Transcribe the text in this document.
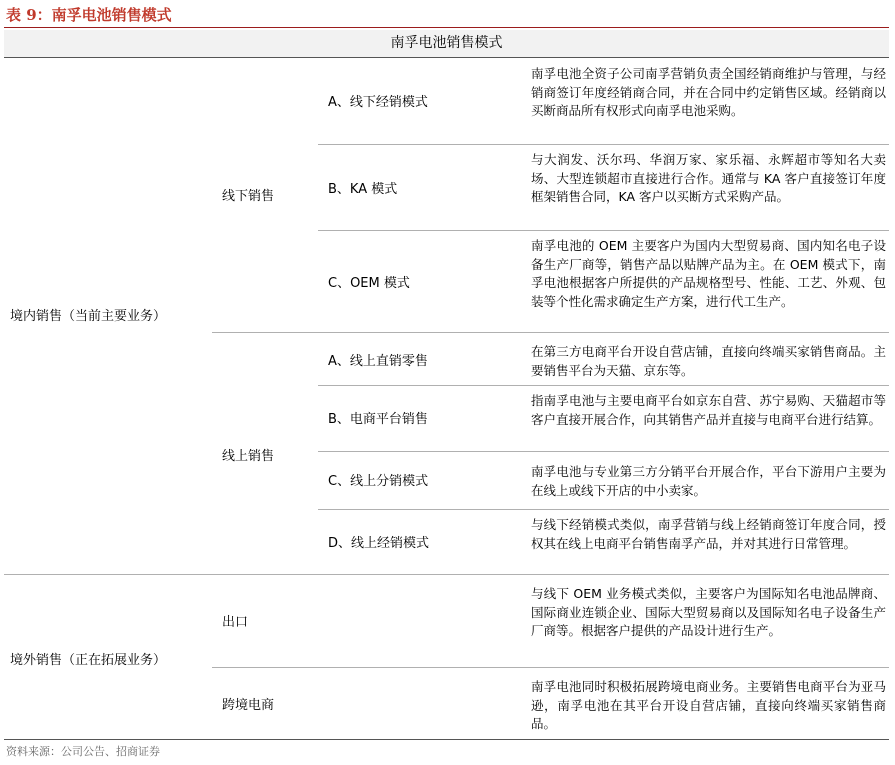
表 9：南孚电池销售模式
南孚电池销售模式
境内销售（当前主要业务）
境外销售（正在拓展业务）
线下销售
线上销售
出口
跨境电商
A、线下经销模式
B、KA 模式
C、OEM 模式
A、线上直销零售
B、电商平台销售
C、线上分销模式
D、线上经销模式
南孚电池全资子公司南孚营销负责全国经销商维护与管理，与经销商签订年度经销商合同，并在合同中约定销售区域。经销商以买断商品所有权形式向南孚电池采购。
与大润发、沃尔玛、华润万家、家乐福、永辉超市等知名大卖场、大型连锁超市直接进行合作。通常与 KA 客户直接签订年度框架销售合同，KA 客户以买断方式采购产品。
南孚电池的 OEM 主要客户为国内大型贸易商、国内知名电子设备生产厂商等，销售产品以贴牌产品为主。在 OEM 模式下，南孚电池根据客户所提供的产品规格型号、性能、工艺、外观、包装等个性化需求确定生产方案，进行代工生产。
在第三方电商平台开设自营店铺，直接向终端买家销售商品。主要销售平台为天猫、京东等。
指南孚电池与主要电商平台如京东自营、苏宁易购、天猫超市等客户直接开展合作，向其销售产品并直接与电商平台进行结算。
南孚电池与专业第三方分销平台开展合作，平台下游用户主要为在线上或线下开店的中小卖家。
与线下经销模式类似，南孚营销与线上经销商签订年度合同，授权其在线上电商平台销售南孚产品，并对其进行日常管理。
与线下 OEM 业务模式类似，主要客户为国际知名电池品牌商、国际商业连锁企业、国际大型贸易商以及国际知名电子设备生产厂商等。根据客户提供的产品设计进行生产。
南孚电池同时积极拓展跨境电商业务。主要销售电商平台为亚马逊，南孚电池在其平台开设自营店铺，直接向终端买家销售商品。
资料来源：公司公告、招商证券
